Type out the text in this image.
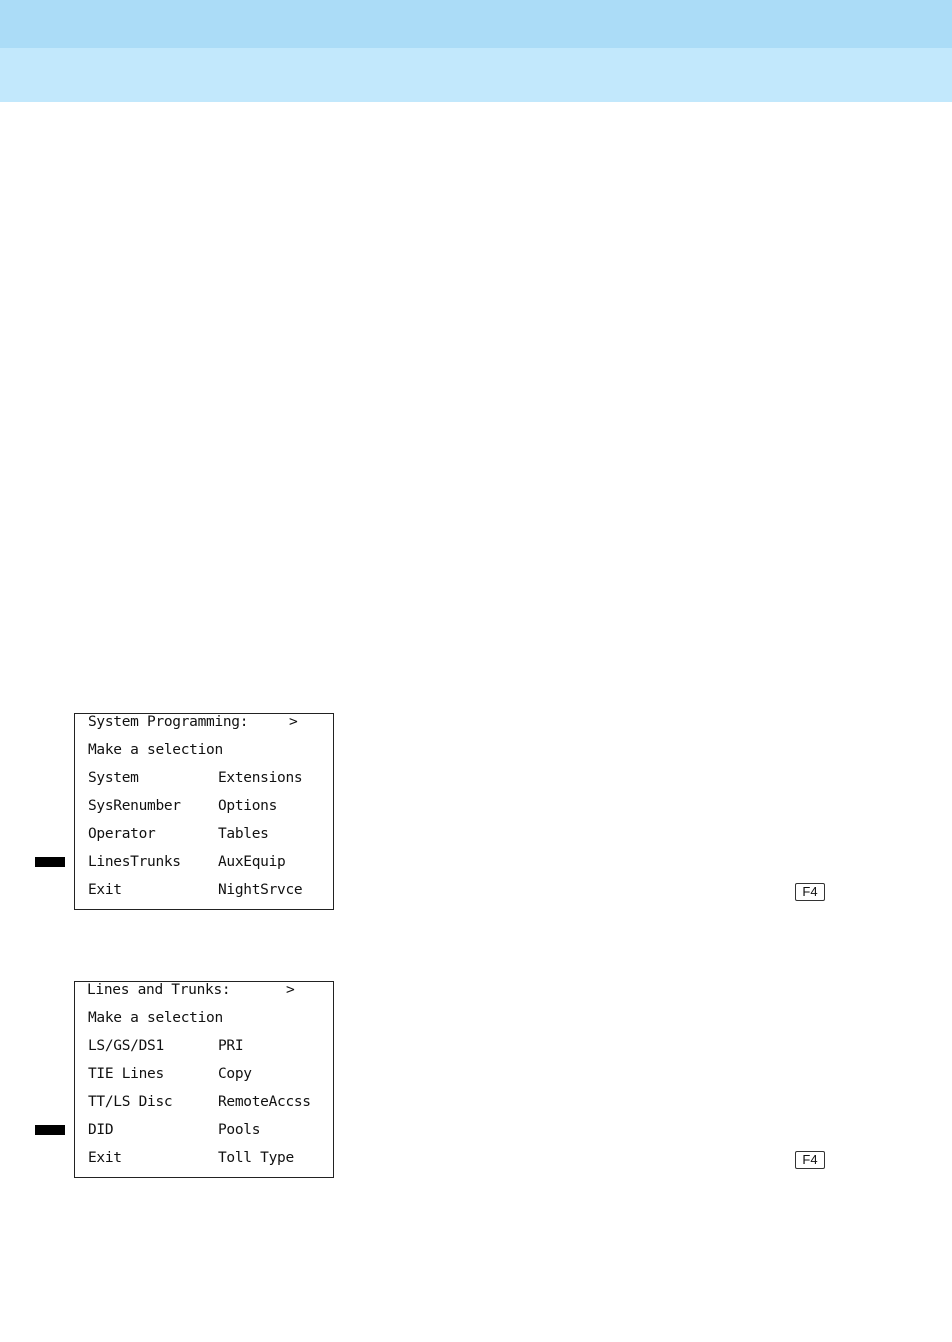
System Programming:	>
Make a selection
System	Extensions
SysRenumber	Options
Operator	Tables
LinesTrunks	AuxEquip
Exit	NightSrvce	F4
Lines and Trunks:	>
Make a selection
LS/GS/DS1	PRI
TIE Lines	Copy
TT/LS Disc	RemoteAccss
DID	Pools
Exit	Toll Type	F4
